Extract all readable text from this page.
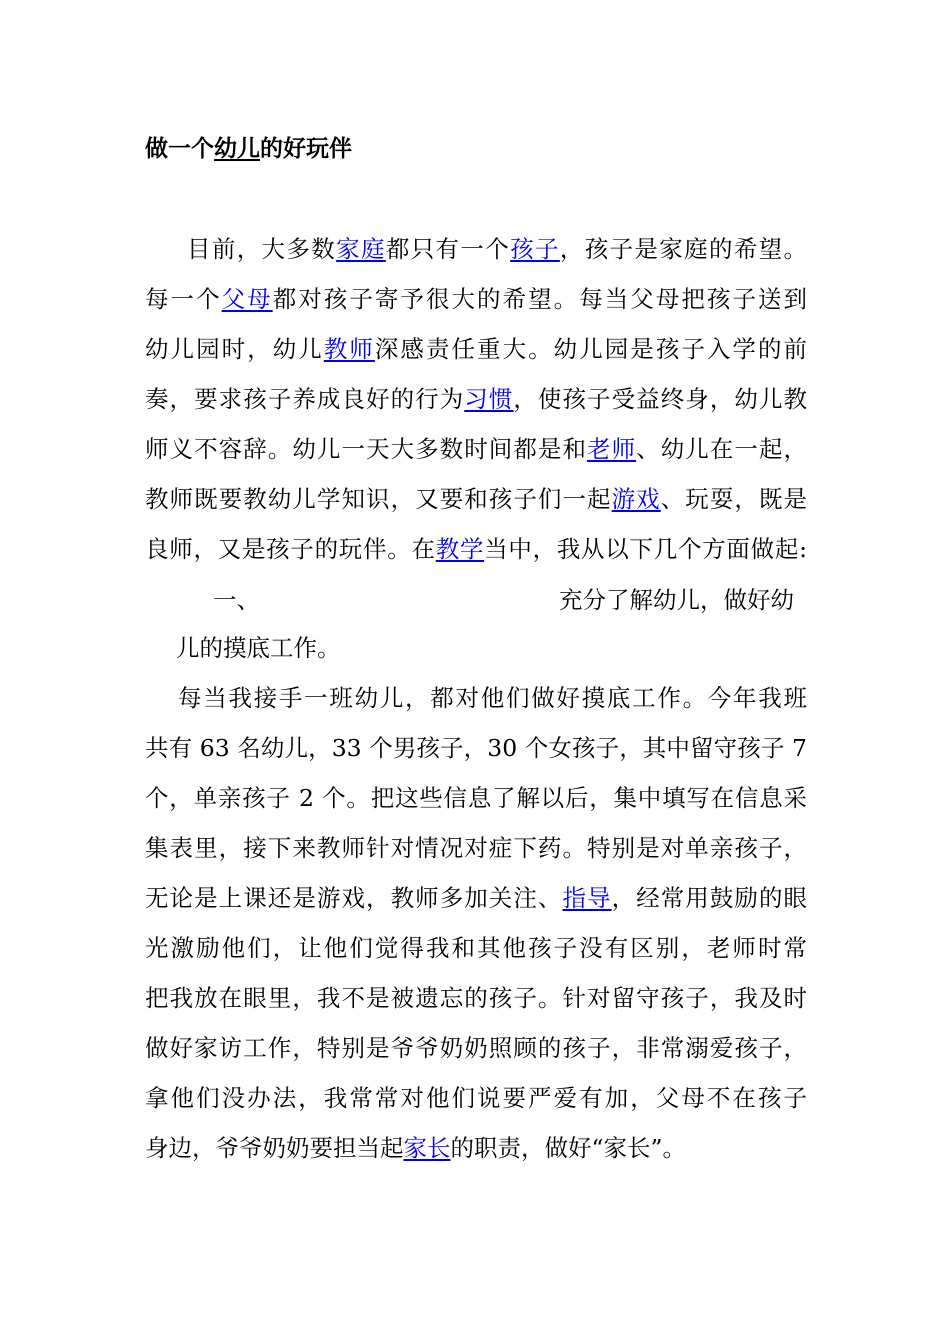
做一个幼儿的好玩伴
目前，大多数家庭都只有一个孩子，孩子是家庭的希望。
每一个父母都对孩子寄予很大的希望。每当父母把孩子送到
幼儿园时，幼儿教师深感责任重大。幼儿园是孩子入学的前
奏，要求孩子养成良好的行为习惯，使孩子受益终身，幼儿教
师义不容辞。幼儿一天大多数时间都是和老师、幼儿在一起，
教师既要教幼儿学知识，又要和孩子们一起游戏、玩耍，既是
良师，又是孩子的玩伴。在教学当中，我从以下几个方面做起:
一、	充分了解幼儿，做好幼
儿的摸底工作。
每当我接手一班幼儿，都对他们做好摸底工作。今年我班
共有 63 名幼儿，33 个男孩子，30 个女孩子，其中留守孩子 7
个，单亲孩子 2 个。把这些信息了解以后，集中填写在信息采
集表里，接下来教师针对情况对症下药。特别是对单亲孩子，
无论是上课还是游戏，教师多加关注、指导，经常用鼓励的眼
光激励他们，让他们觉得我和其他孩子没有区别，老师时常
把我放在眼里，我不是被遗忘的孩子。针对留守孩子，我及时
做好家访工作，特别是爷爷奶奶照顾的孩子，非常溺爱孩子，
拿他们没办法，我常常对他们说要严爱有加，父母不在孩子
身边，爷爷奶奶要担当起家长的职责，做好“家长”。
